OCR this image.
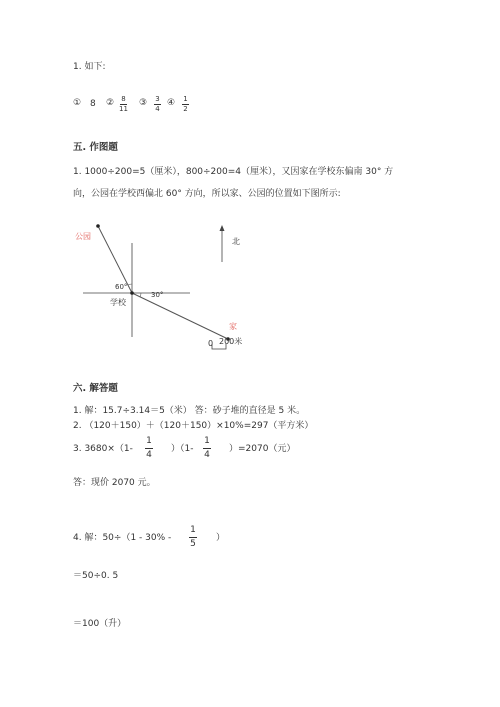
1. 如下:
① 8 ② 8
11
③ 3
4
④ 1
2
五. 作图题
1. 1000÷200=5（厘米），800÷200=4（厘米），又因家在学校东偏南 30° 方
向，公园在学校西偏北 60° 方向，所以家、公园的位置如下图所示:
公园
北
60°
30°
学校
家
0 200米
六. 解答题
1. 解：15.7÷3.14＝5（米） 答：砂子堆的直径是 5 米。
2. （120＋150）＋（120＋150）×10%=297（平方米）
3. 3680×（1-
1
4
）（1-
1
4
）=2070（元）
答：现价 2070 元。
4. 解：50÷（1 - 30% -
1
5
）
＝50÷0. 5
＝100（升）
